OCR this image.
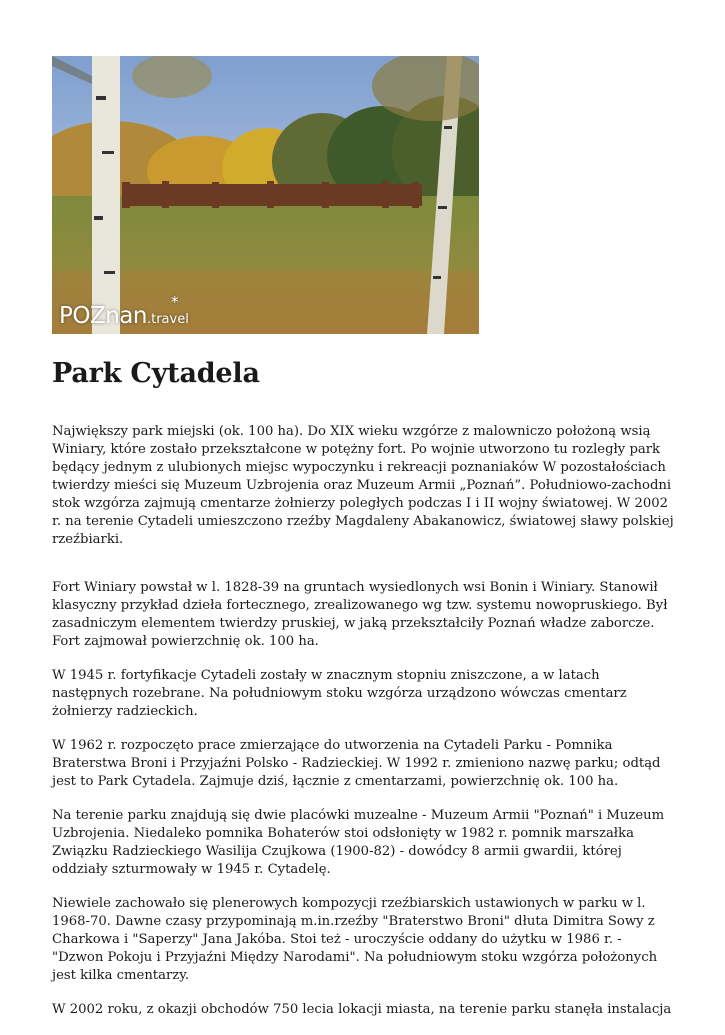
POZnan.travel
*
Park Cytadela

Największy park miejski (ok. 100 ha). Do XIX wieku wzgórze z malowniczo położoną wsią Winiary, które zostało przekształcone w potężny fort. Po wojnie utworzono tu rozległy park będący jednym z ulubionych miejsc wypoczynku i rekreacji poznaniaków W pozostałościach twierdzy mieści się Muzeum Uzbrojenia oraz Muzeum Armii „Poznań”. Południowo-zachodni stok wzgórza zajmują cmentarze żołnierzy poległych podczas I i II wojny światowej. W 2002 r. na terenie Cytadeli umieszczono rzeźby Magdaleny Abakanowicz, światowej sławy polskiej rzeźbiarki.

Fort Winiary powstał w l. 1828-39 na gruntach wysiedlonych wsi Bonin i Winiary. Stanowił klasyczny przykład dzieła fortecznego, zrealizowanego wg tzw. systemu nowopruskiego. Był zasadniczym elementem twierdzy pruskiej, w jaką przekształciły Poznań władze zaborcze. Fort zajmował powierzchnię ok. 100 ha.

W 1945 r. fortyfikacje Cytadeli zostały w znacznym stopniu zniszczone, a w latach następnych rozebrane. Na południowym stoku wzgórza urządzono wówczas cmentarz żołnierzy radzieckich.

W 1962 r. rozpoczęto prace zmierzające do utworzenia na Cytadeli Parku - Pomnika Braterstwa Broni i Przyjaźni Polsko - Radzieckiej. W 1992 r. zmieniono nazwę parku; odtąd jest to Park Cytadela. Zajmuje dziś, łącznie z cmentarzami, powierzchnię ok. 100 ha.

Na terenie parku znajdują się dwie placówki muzealne - Muzeum Armii "Poznań" i Muzeum Uzbrojenia. Niedaleko pomnika Bohaterów stoi odsłonięty w 1982 r. pomnik marszałka Związku Radzieckiego Wasilija Czujkowa (1900-82) - dowódcy 8 armii gwardii, której oddziały szturmowały w 1945 r. Cytadelę.

Niewiele zachowało się plenerowych kompozycji rzeźbiarskich ustawionych w parku w l. 1968-70. Dawne czasy przypominają m.in.rzeźby "Braterstwo Broni" dłuta Dimitra Sowy z Charkowa i "Saperzy" Jana Jakóba. Stoi też - uroczyście oddany do użytku w 1986 r. - "Dzwon Pokoju i Przyjaźni Między Narodami". Na południowym stoku wzgórza położonych jest kilka cmentarzy.

W 2002 roku, z okazji obchodów 750 lecia lokacji miasta, na terenie parku stanęła instalacja
